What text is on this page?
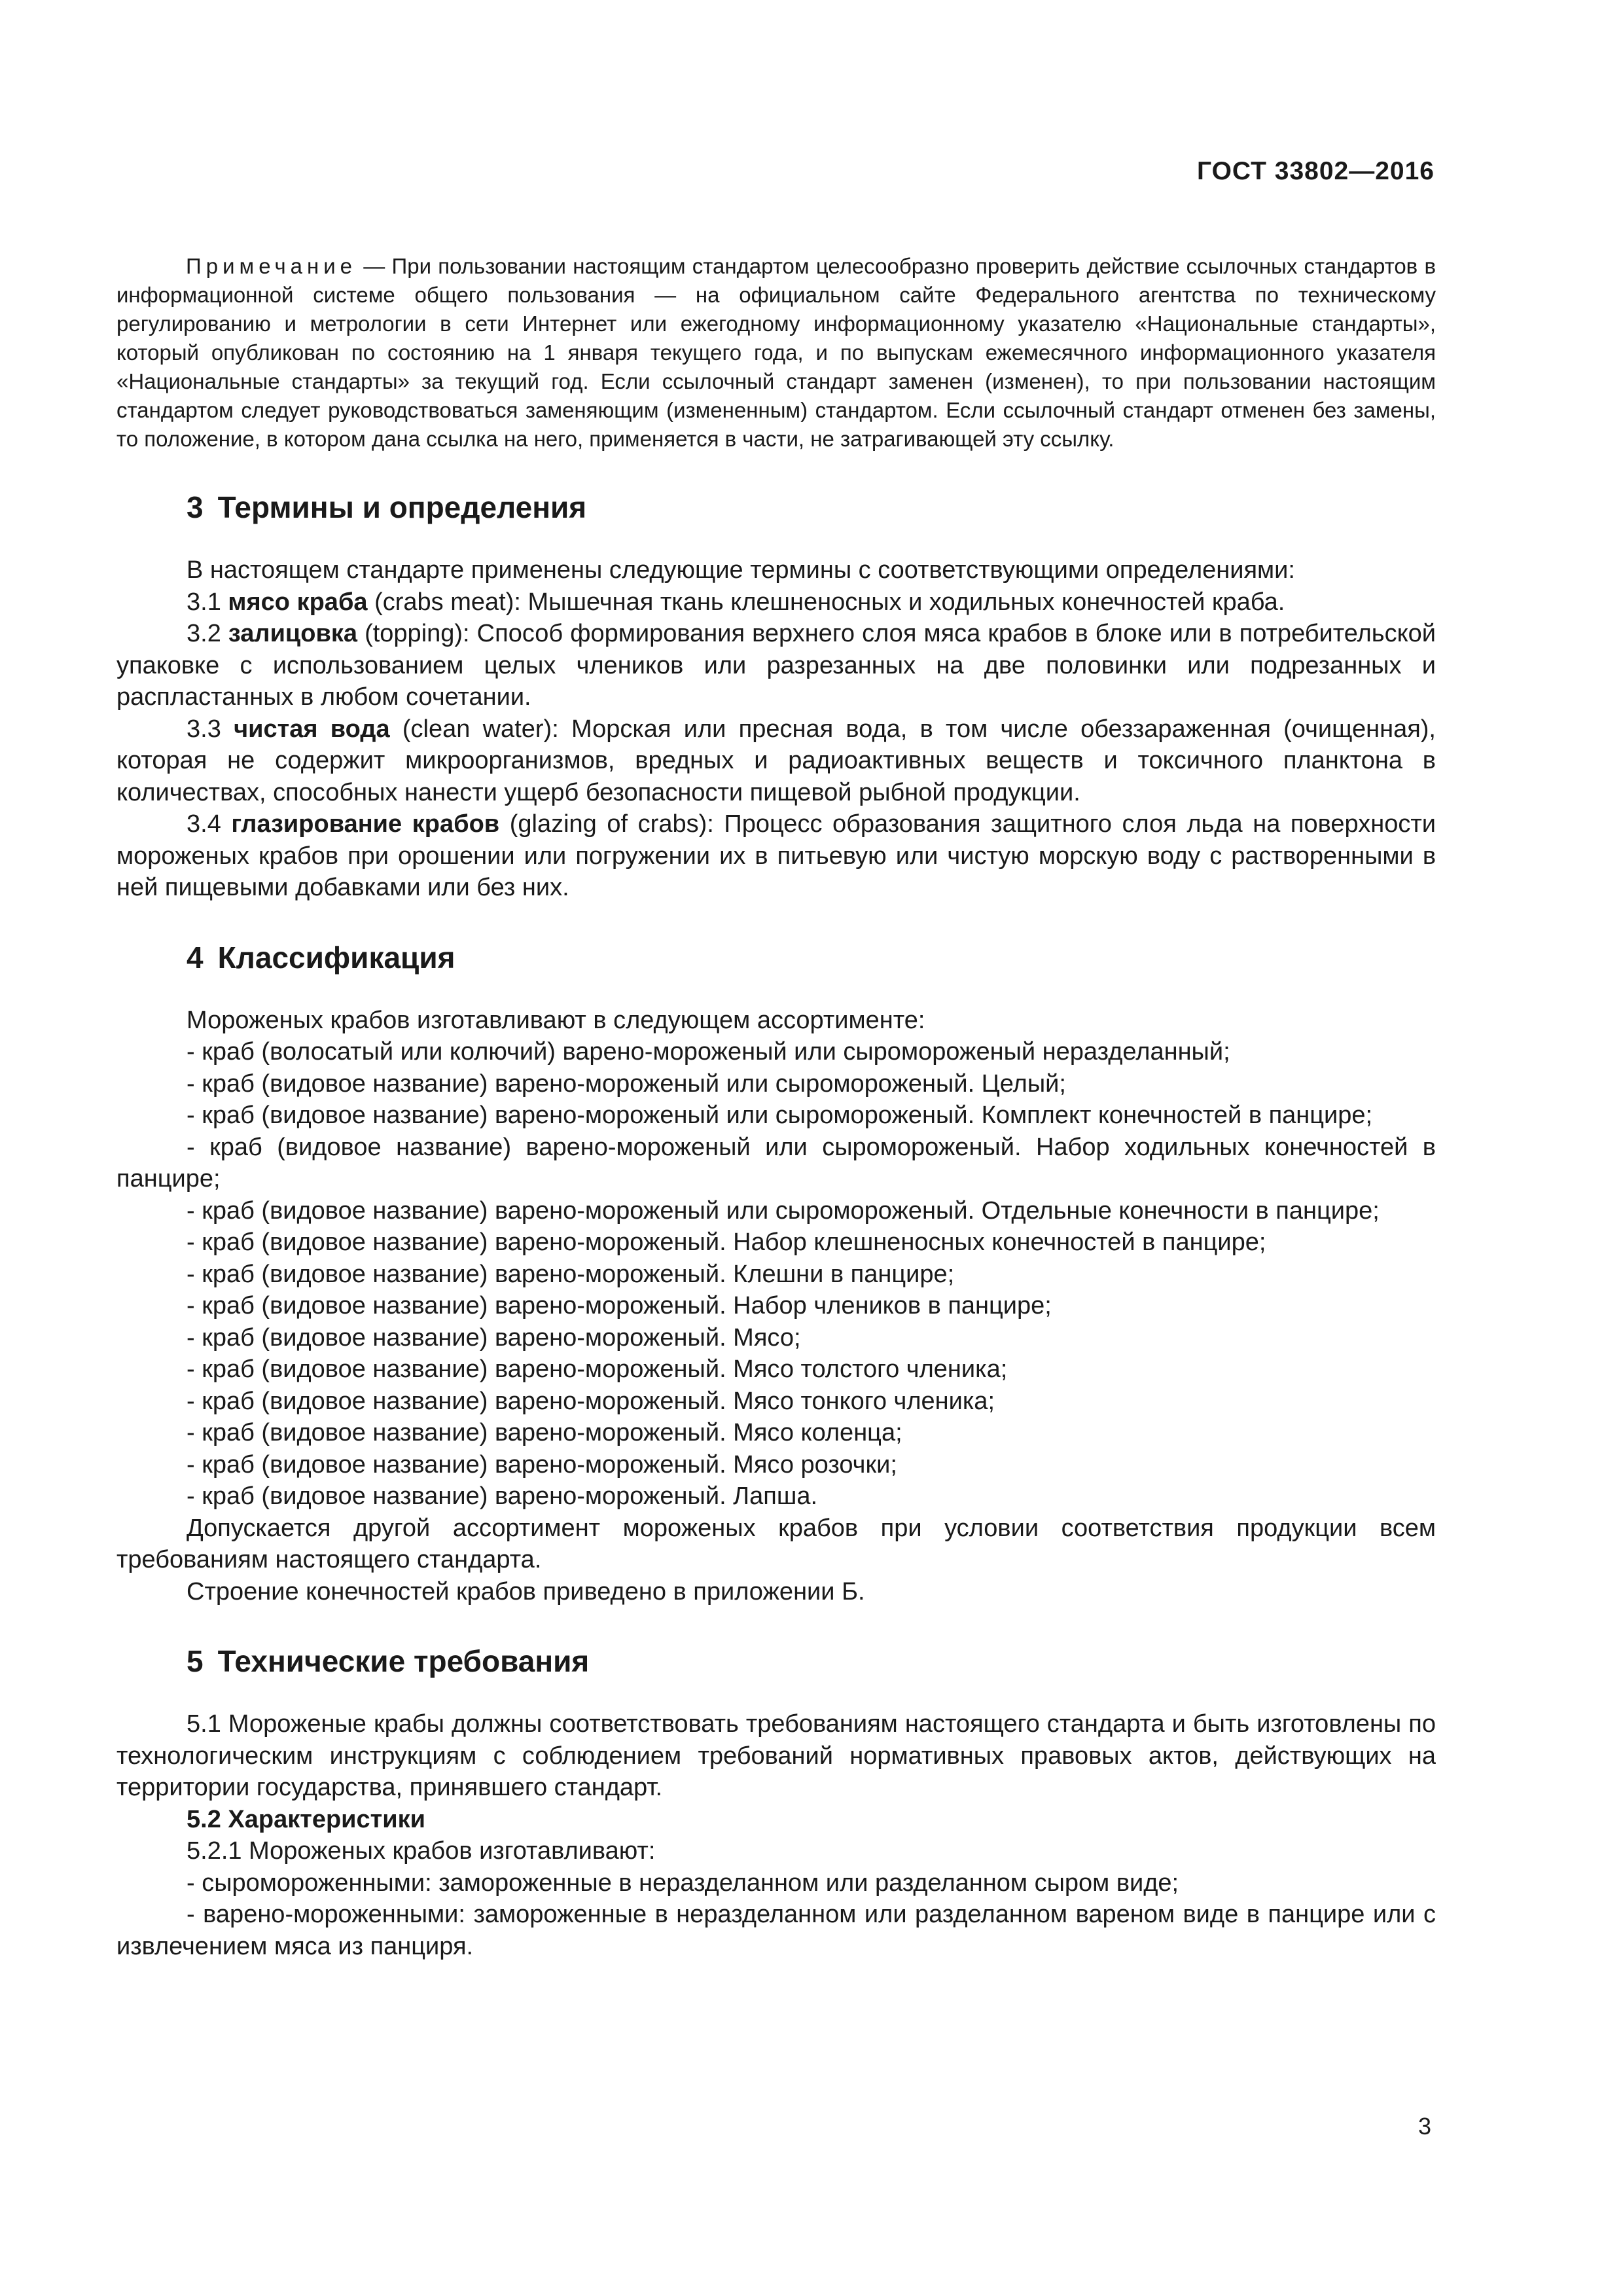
ГОСТ 33802—2016

Примечание — При пользовании настоящим стандартом целесообразно проверить действие ссылочных стандартов в информационной системе общего пользования — на официальном сайте Федерального агентства по техническому регулированию и метрологии в сети Интернет или ежегодному информационному указателю «Национальные стандарты», который опубликован по состоянию на 1 января текущего года, и по выпускам ежемесячного информационного указателя «Национальные стандарты» за текущий год. Если ссылочный стандарт заменен (изменен), то при пользовании настоящим стандартом следует руководствоваться заменяющим (измененным) стандартом. Если ссылочный стандарт отменен без замены, то положение, в котором дана ссылка на него, применяется в части, не затрагивающей эту ссылку.

3 Термины и определения

В настоящем стандарте применены следующие термины с соответствующими определениями:

3.1 мясо краба (crabs meat): Мышечная ткань клешненосных и ходильных конечностей краба.

3.2 залицовка (topping): Способ формирования верхнего слоя мяса крабов в блоке или в потребительской упаковке с использованием целых члеников или разрезанных на две половинки или подрезанных и распластанных в любом сочетании.

3.3 чистая вода (clean water): Морская или пресная вода, в том числе обеззараженная (очищенная), которая не содержит микроорганизмов, вредных и радиоактивных веществ и токсичного планктона в количествах, способных нанести ущерб безопасности пищевой рыбной продукции.

3.4 глазирование крабов (glazing of crabs): Процесс образования защитного слоя льда на поверхности мороженых крабов при орошении или погружении их в питьевую или чистую морскую воду с растворенными в ней пищевыми добавками или без них.

4 Классификация

Мороженых крабов изготавливают в следующем ассортименте:

- краб (волосатый или колючий) варено-мороженый или сыромороженый неразделанный;
- краб (видовое название) варено-мороженый или сыромороженый. Целый;
- краб (видовое название) варено-мороженый или сыромороженый. Комплект конечностей в панцире;
- краб (видовое название) варено-мороженый или сыромороженый. Набор ходильных конечностей в панцире;
- краб (видовое название) варено-мороженый или сыромороженый. Отдельные конечности в панцире;
- краб (видовое название) варено-мороженый. Набор клешненосных конечностей в панцире;
- краб (видовое название) варено-мороженый. Клешни в панцире;
- краб (видовое название) варено-мороженый. Набор члеников в панцире;
- краб (видовое название) варено-мороженый. Мясо;
- краб (видовое название) варено-мороженый. Мясо толстого членика;
- краб (видовое название) варено-мороженый. Мясо тонкого членика;
- краб (видовое название) варено-мороженый. Мясо коленца;
- краб (видовое название) варено-мороженый. Мясо розочки;
- краб (видовое название) варено-мороженый. Лапша.

Допускается другой ассортимент мороженых крабов при условии соответствия продукции всем требованиям настоящего стандарта.

Строение конечностей крабов приведено в приложении Б.

5 Технические требования

5.1 Мороженые крабы должны соответствовать требованиям настоящего стандарта и быть изготовлены по технологическим инструкциям с соблюдением требований нормативных правовых актов, действующих на территории государства, принявшего стандарт.

5.2 Характеристики

5.2.1 Мороженых крабов изготавливают:

- сыромороженными: замороженные в неразделанном или разделанном сыром виде;
- варено-мороженными: замороженные в неразделанном или разделанном вареном виде в панцире или с извлечением мяса из панциря.
3
